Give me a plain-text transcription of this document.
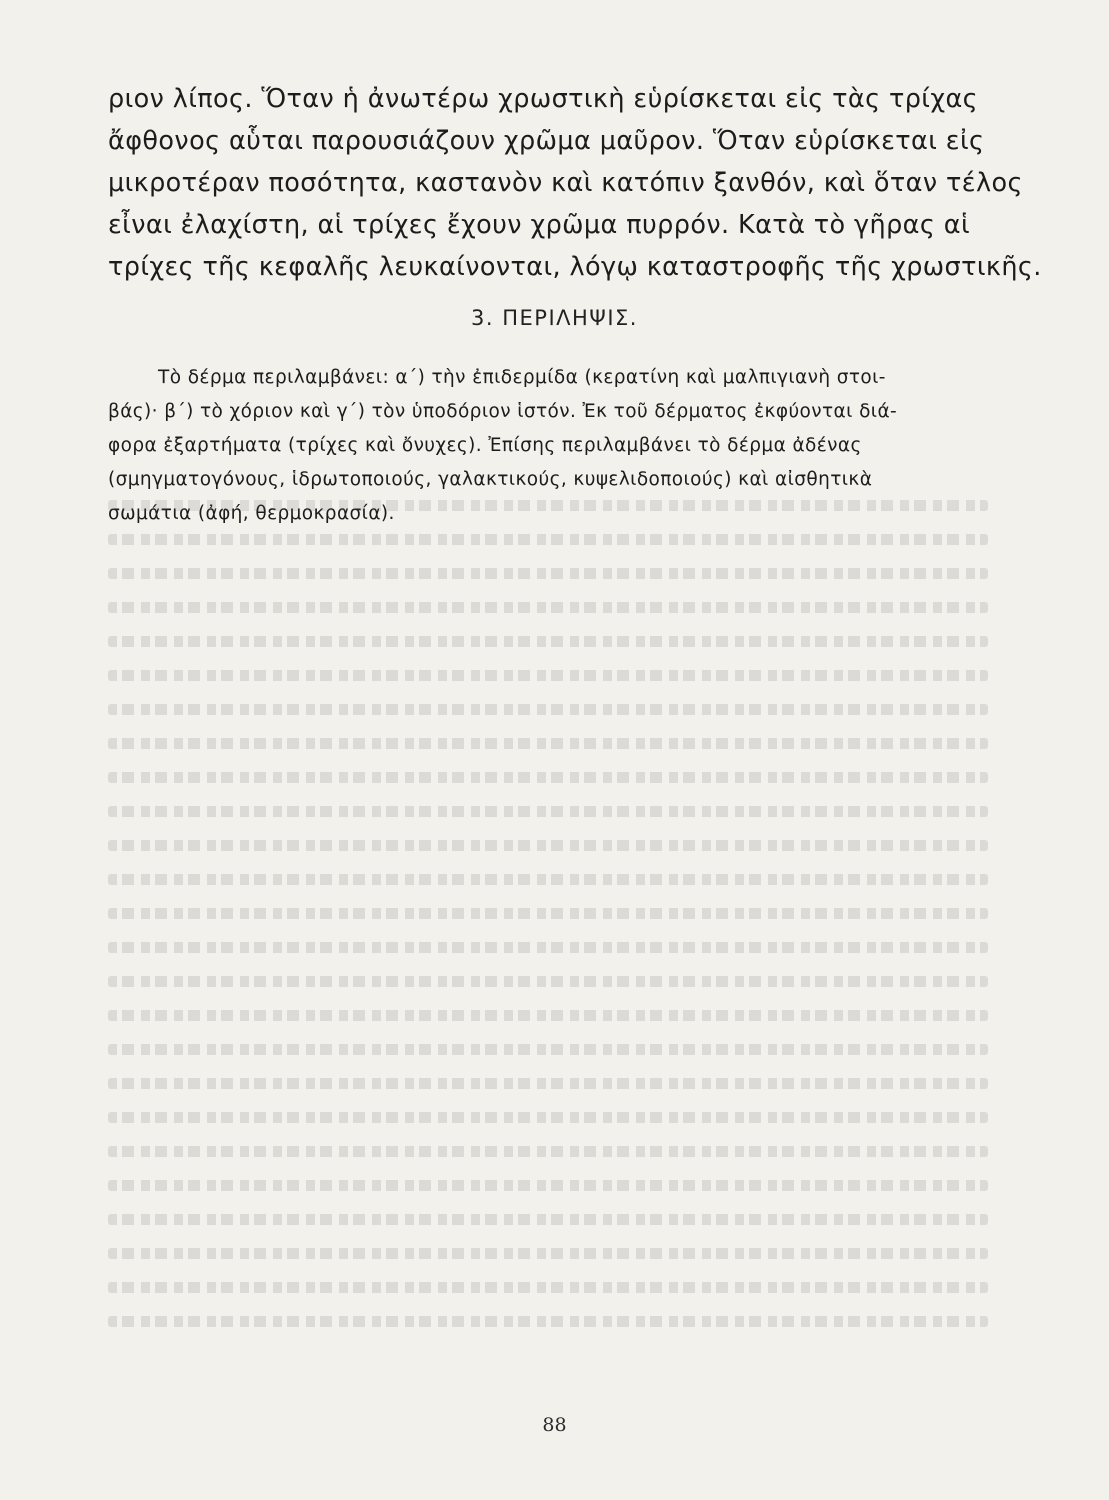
ριον λίπος. Ὅταν ἡ ἀνωτέρω χρωστικὴ εὑρίσκεται εἰς τὰς τρίχας
ἄφθονος αὗται παρουσιάζουν χρῶμα μαῦρον. Ὅταν εὑρίσκεται εἰς
μικροτέραν ποσότητα, καστανὸν καὶ κατόπιν ξανθόν, καὶ ὅταν τέλος
εἶναι ἐλαχίστη, αἱ τρίχες ἔχουν χρῶμα πυρρόν. Κατὰ τὸ γῆρας αἱ
τρίχες τῆς κεφαλῆς λευκαίνονται, λόγῳ καταστροφῆς τῆς χρωστικῆς.
3. ΠΕΡΙΛΗΨΙΣ.
Τὸ δέρμα περιλαμβάνει: α΄) τὴν ἐπιδερμίδα (κερατίνη καὶ μαλπιγιανὴ στοι-
βάς)· β΄) τὸ χόριον καὶ γ΄) τὸν ὑποδόριον ἱστόν. Ἐκ τοῦ δέρματος ἐκφύονται διά-
φορα ἐξαρτήματα (τρίχες καὶ ὄνυχες). Ἐπίσης περιλαμβάνει τὸ δέρμα ἀδένας
(σμηγματογόνους, ἱδρωτοποιούς, γαλακτικούς, κυψελιδοποιούς) καὶ αἰσθητικὰ
σωμάτια (ἀφή, θερμοκρασία).
88
